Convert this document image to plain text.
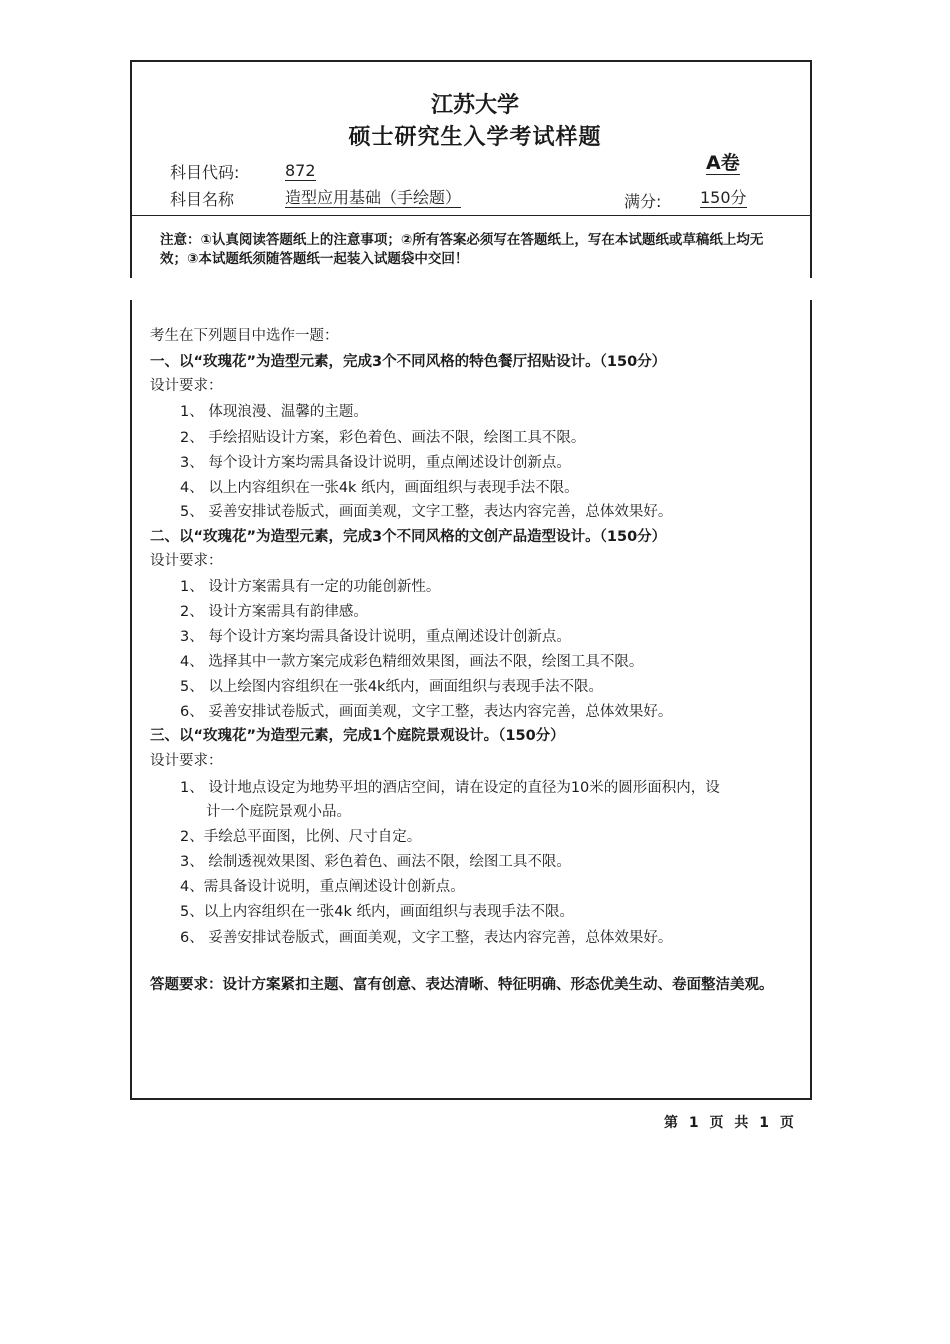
江苏大学
硕士研究生入学考试样题
科目代码:	872	A卷
科目名称	造型应用基础（手绘题）	满分: 150分
注意：①认真阅读答题纸上的注意事项；②所有答案必须写在答题纸上，写在本试题纸或草稿纸上均无效；③本试题纸须随答题纸一起装入试题袋中交回！
考生在下列题目中选作一题：
一、以“玫瑰花”为造型元素，完成3个不同风格的特色餐厅招贴设计。（150分）
设计要求：
1、 体现浪漫、温馨的主题。
2、 手绘招贴设计方案，彩色着色、画法不限，绘图工具不限。
3、 每个设计方案均需具备设计说明，重点阐述设计创新点。
4、 以上内容组织在一张4k 纸内，画面组织与表现手法不限。
5、 妥善安排试卷版式，画面美观，文字工整，表达内容完善，总体效果好。
二、以“玫瑰花”为造型元素，完成3个不同风格的文创产品造型设计。（150分）
设计要求：
1、 设计方案需具有一定的功能创新性。
2、 设计方案需具有韵律感。
3、 每个设计方案均需具备设计说明，重点阐述设计创新点。
4、 选择其中一款方案完成彩色精细效果图，画法不限，绘图工具不限。
5、 以上绘图内容组织在一张4k纸内，画面组织与表现手法不限。
6、 妥善安排试卷版式，画面美观，文字工整，表达内容完善，总体效果好。
三、以“玫瑰花”为造型元素，完成1个庭院景观设计。（150分）
设计要求：
1、 设计地点设定为地势平坦的酒店空间，请在设定的直径为10米的圆形面积内，设
计一个庭院景观小品。
2、手绘总平面图，比例、尺寸自定。
3、 绘制透视效果图、彩色着色、画法不限，绘图工具不限。
4、需具备设计说明，重点阐述设计创新点。
5、以上内容组织在一张4k 纸内，画面组织与表现手法不限。
6、 妥善安排试卷版式，画面美观，文字工整，表达内容完善，总体效果好。
答题要求：设计方案紧扣主题、富有创意、表达清晰、特征明确、形态优美生动、卷面整洁美观。
第 1 页 共 1 页
